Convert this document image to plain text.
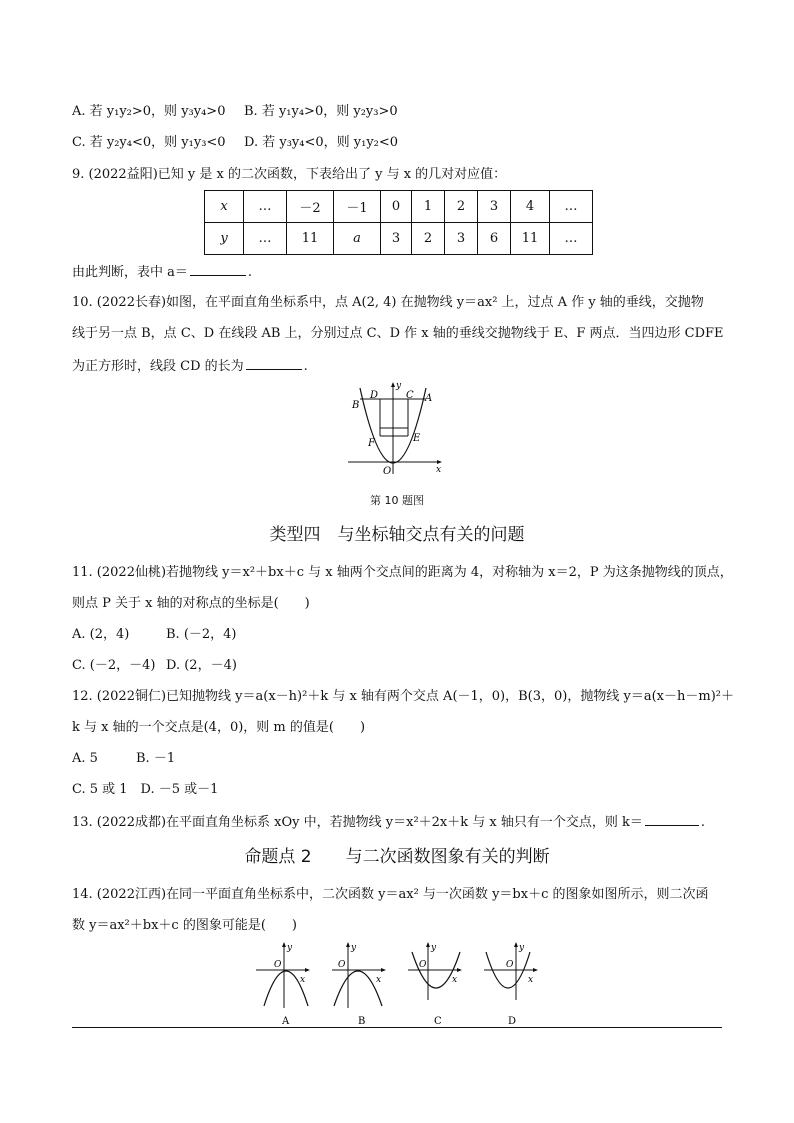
A. 若 y₁y₂>0，则 y₃y₄>0 B. 若 y₁y₄>0，则 y₂y₃>0
C. 若 y₂y₄<0，则 y₁y₃<0 D. 若 y₃y₄<0，则 y₁y₂<0
9. (2022益阳)已知 y 是 x 的二次函数，下表给出了 y 与 x 的几对对应值：
x	…	－2	－1	0	1	2	3	4	…
y	…	11	a	3	2	3	6	11	…
由此判断，表中 a＝	.
10. (2022长春)如图，在平面直角坐标系中，点 A(2, 4) 在抛物线 y＝ax² 上，过点 A 作 y 轴的垂线，交抛物
线于另一点 B，点 C、D 在线段 AB 上，分别过点 C、D 作 x 轴的垂线交抛物线于 E、F 两点．当四边形 CDFE
为正方形时，线段 CD 的长为	.
B
D
y
C A
F	E
O	x
第 10 题图
类型四　与坐标轴交点有关的问题
11. (2022仙桃)若抛物线 y＝x²＋bx＋c 与 x 轴两个交点间的距离为 4，对称轴为 x＝2，P 为这条抛物线的顶点，
则点 P 关于 x 轴的对称点的坐标是(　　)
A. (2，4)	B. (－2，4)
C. (－2，－4) D. (2，－4)
12. (2022铜仁)已知抛物线 y＝a(x－h)²＋k 与 x 轴有两个交点 A(－1，0)，B(3，0)，抛物线 y＝a(x－h－m)²＋
k 与 x 轴的一个交点是(4，0)，则 m 的值是(　　)
A. 5	B. －1
C. 5 或 1　D. －5 或－1
13. (2022成都)在平面直角坐标系 xOy 中，若抛物线 y＝x²＋2x＋k 与 x 轴只有一个交点，则 k＝	.
命题点 2　　与二次函数图象有关的判断
14. (2022江西)在同一平面直角坐标系中，二次函数 y＝ax² 与一次函数 y＝bx＋c 的图象如图所示，则二次函
数 y＝ax²＋bx＋c 的图象可能是(　　)
y
O
x
A
y
O
x
B
y
O
x
C
y
O
x
D
